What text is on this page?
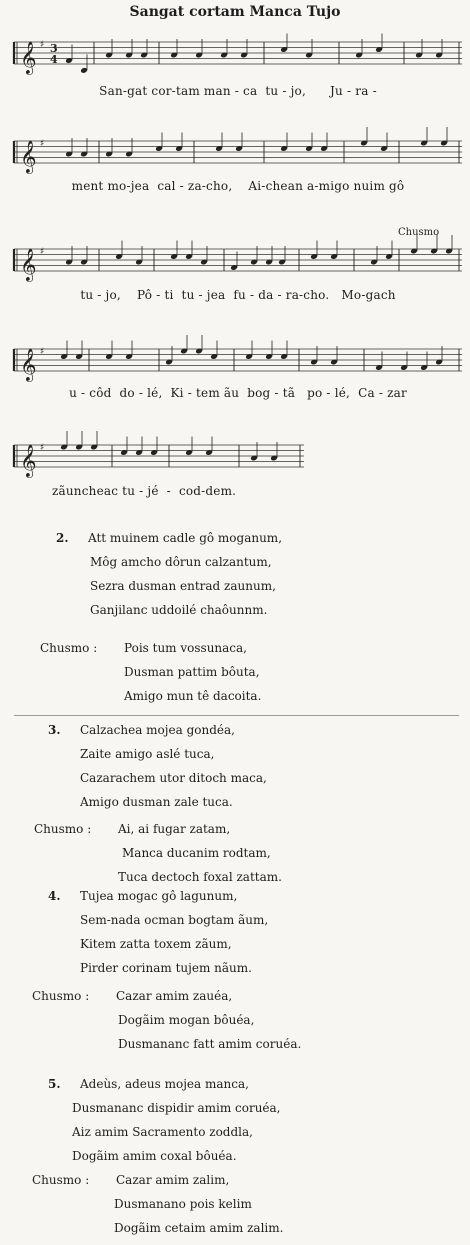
Sangat cortam Manca Tujo
𝄞 ♯ 3
4
San-gat cor-tam man - ca  tu - jo,      Ju - ra -
𝄞 ♯
ment mo-jea  cal - za-cho,    Ai-chean a-migo nuim gô
Chusmo
𝄞 ♯
tu - jo,    Pô - ti  tu - jea  fu - da - ra-cho.   Mo-gach
𝄞 ♯
u - côd  do - lé,  Ki - tem ãu  bog - tã   po - lé,  Ca - zar
𝄞 ♯
zãuncheac tu - jé  -  cod-dem.
2. Att muinem cadle gô moganum,
Môg amcho dôrun calzantum,
Sezra dusman entrad zaunum,
Ganjilanc uddoilé chaôunnm.
Chusmo : Pois tum vossunaca,
Dusman pattim bôuta,
Amigo mun tê dacoita.
3. Calzachea mojea gondéa,
Zaite amigo aslé tuca,
Cazarachem utor ditoch maca,
Amigo dusman zale tuca.
Chusmo : Ai, ai fugar zatam,
Manca ducanim rodtam,
Tuca dectoch foxal zattam.
4. Tujea mogac gô lagunum,
Sem-nada ocman bogtam ãum,
Kitem zatta toxem zãum,
Pirder corinam tujem nãum.
Chusmo : Cazar amim zauéa,
Dogãim mogan bôuéa,
Dusmananc fatt amim coruéa.
5. Adeùs, adeus mojea manca,
Dusmananc dispidir amim coruéa,
Aiz amim Sacramento zoddla,
Dogãim amim coxal bôuéa.
Chusmo : Cazar amim zalim,
Dusmanano pois kelim
Dogãim cetaim amim zalim.
